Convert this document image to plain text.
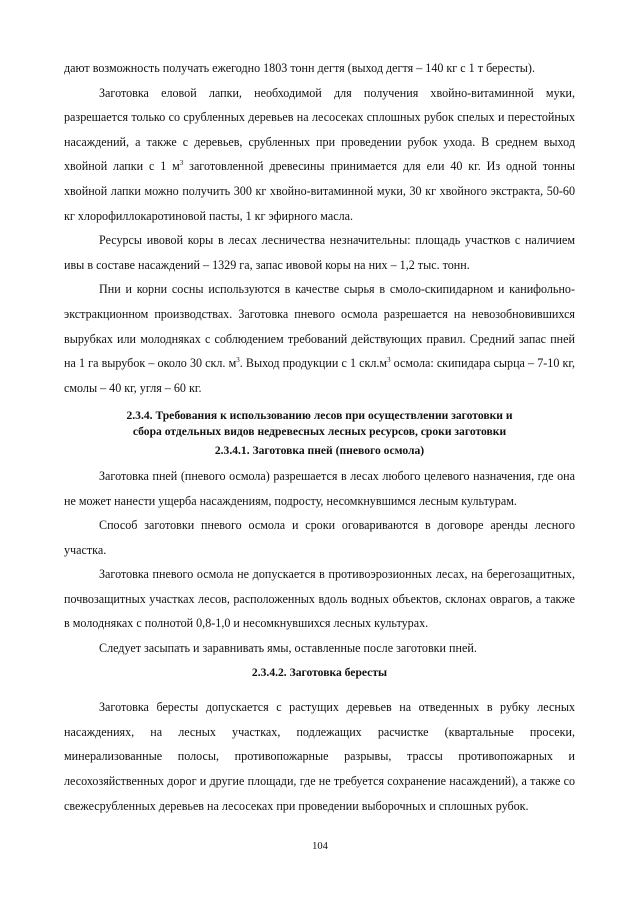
дают возможность получать ежегодно 1803 тонн дегтя (выход дегтя – 140 кг с 1 т бересты).

Заготовка еловой лапки, необходимой для получения хвойно-витаминной муки, разрешается только со срубленных деревьев на лесосеках сплошных рубок спелых и перестойных насаждений, а также с деревьев, срубленных при проведении рубок ухода. В среднем выход хвойной лапки с 1 $м^3$ заготовленной древесины принимается для ели 40 кг. Из одной тонны хвойной лапки можно получить 300 кг хвойно-витаминной муки, 30 кг хвойного экстракта, 50-60 кг хлорофиллокаротиновой пасты, 1 кг эфирного масла.

Ресурсы ивовой коры в лесах лесничества незначительны: площадь участков с наличием ивы в составе насаждений – 1329 га, запас ивовой коры на них – 1,2 тыс. тонн.

Пни и корни сосны используются в качестве сырья в смоло-скипидарном и канифольно-экстракционном производствах. Заготовка пневого осмола разрешается на невозобновившихся вырубках или молодняках с соблюдением требований действующих правил. Средний запас пней на 1 га вырубок – около 30 скл. $м^3$. Выход продукции с 1 $скл.м^3$ осмола: скипидара сырца – 7-10 кг, смолы – 40 кг, угля – 60 кг.

2.3.4. Требования к использованию лесов при осуществлении заготовки и
сбора отдельных видов недревесных лесных ресурсов, сроки заготовки
2.3.4.1. Заготовка пней (пневого осмола)

Заготовка пней (пневого осмола) разрешается в лесах любого целевого назначения, где она не может нанести ущерба насаждениям, подросту, несомкнувшимся лесным культурам.

Способ заготовки пневого осмола и сроки оговариваются в договоре аренды лесного участка.

Заготовка пневого осмола не допускается в противоэрозионных лесах, на берегозащитных, почвозащитных участках лесов, расположенных вдоль водных объектов, склонах оврагов, а также в молодняках с полнотой 0,8-1,0 и несомкнувшихся лесных культурах.

Следует засыпать и заравнивать ямы, оставленные после заготовки пней.

2.3.4.2. Заготовка бересты

Заготовка бересты допускается с растущих деревьев на отведенных в рубку лесных насаждениях, на лесных участках, подлежащих расчистке (квартальные просеки, минерализованные полосы, противопожарные разрывы, трассы противопожарных и лесохозяйственных дорог и другие площади, где не требуется сохранение насаждений), а также со свежесрубленных деревьев на лесосеках при проведении выборочных и сплошных рубок.

104
